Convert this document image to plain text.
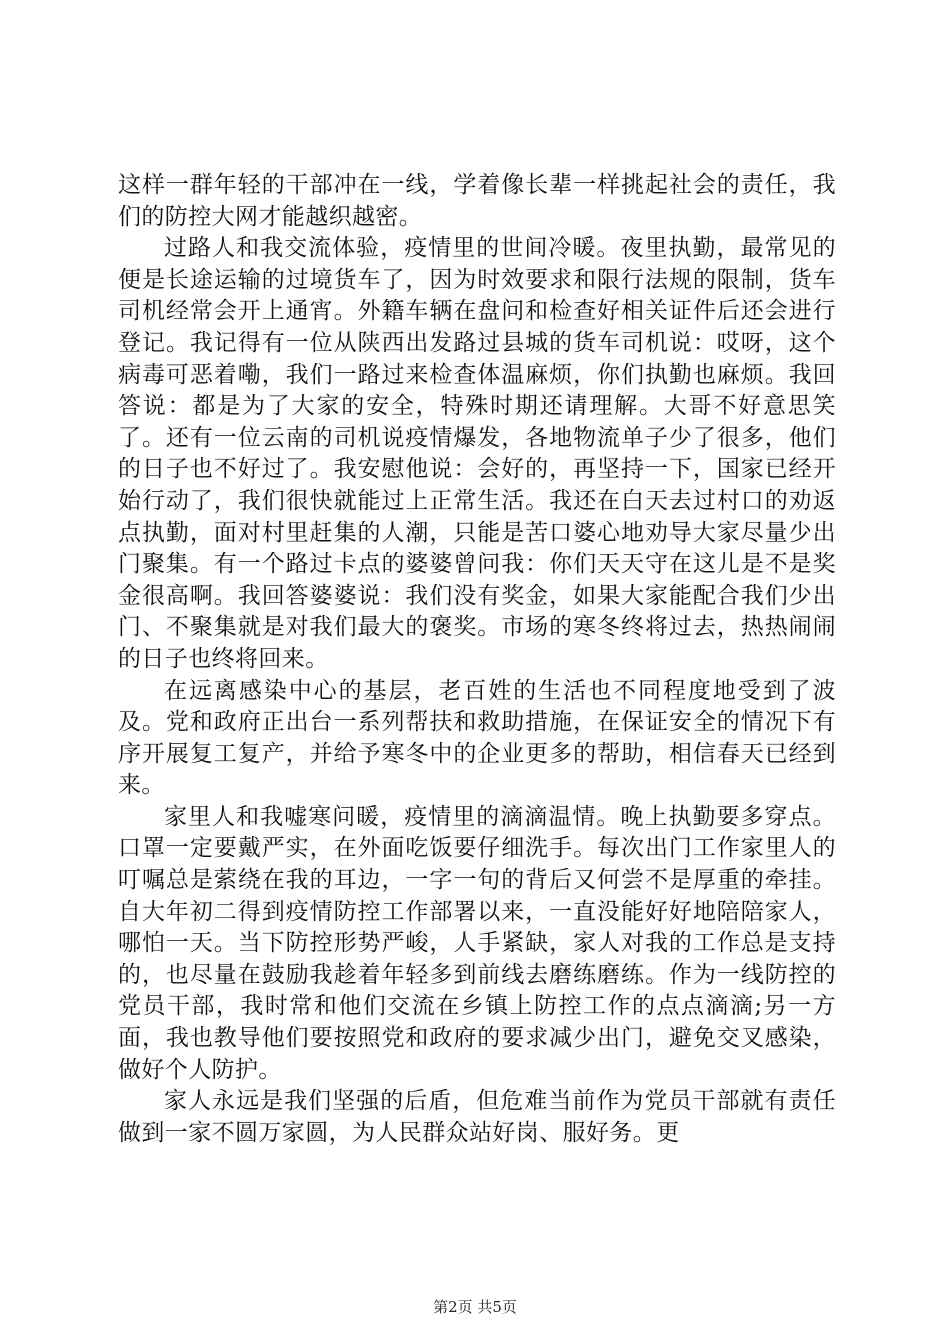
这样一群年轻的干部冲在一线，学着像长辈一样挑起社会的责任，我们的防控大网才能越织越密。

过路人和我交流体验，疫情里的世间冷暖。夜里执勤，最常见的便是长途运输的过境货车了，因为时效要求和限行法规的限制，货车司机经常会开上通宵。外籍车辆在盘问和检查好相关证件后还会进行登记。我记得有一位从陕西出发路过县城的货车司机说：哎呀，这个病毒可恶着嘞，我们一路过来检查体温麻烦，你们执勤也麻烦。我回答说：都是为了大家的安全，特殊时期还请理解。大哥不好意思笑了。还有一位云南的司机说疫情爆发，各地物流单子少了很多，他们的日子也不好过了。我安慰他说：会好的，再坚持一下，国家已经开始行动了，我们很快就能过上正常生活。我还在白天去过村口的劝返点执勤，面对村里赶集的人潮，只能是苦口婆心地劝导大家尽量少出门聚集。有一个路过卡点的婆婆曾问我：你们天天守在这儿是不是奖金很高啊。我回答婆婆说：我们没有奖金，如果大家能配合我们少出门、不聚集就是对我们最大的褒奖。市场的寒冬终将过去，热热闹闹的日子也终将回来。

在远离感染中心的基层，老百姓的生活也不同程度地受到了波及。党和政府正出台一系列帮扶和救助措施，在保证安全的情况下有序开展复工复产，并给予寒冬中的企业更多的帮助，相信春天已经到来。

家里人和我嘘寒问暖，疫情里的滴滴温情。晚上执勤要多穿点。口罩一定要戴严实，在外面吃饭要仔细洗手。每次出门工作家里人的叮嘱总是萦绕在我的耳边，一字一句的背后又何尝不是厚重的牵挂。自大年初二得到疫情防控工作部署以来，一直没能好好地陪陪家人，哪怕一天。当下防控形势严峻，人手紧缺，家人对我的工作总是支持的，也尽量在鼓励我趁着年轻多到前线去磨练磨练。作为一线防控的党员干部，我时常和他们交流在乡镇上防控工作的点点滴滴;另一方面，我也教导他们要按照党和政府的要求减少出门，避免交叉感染，做好个人防护。

家人永远是我们坚强的后盾，但危难当前作为党员干部就有责任做到一家不圆万家圆，为人民群众站好岗、服好务。更

第2页 共5页
